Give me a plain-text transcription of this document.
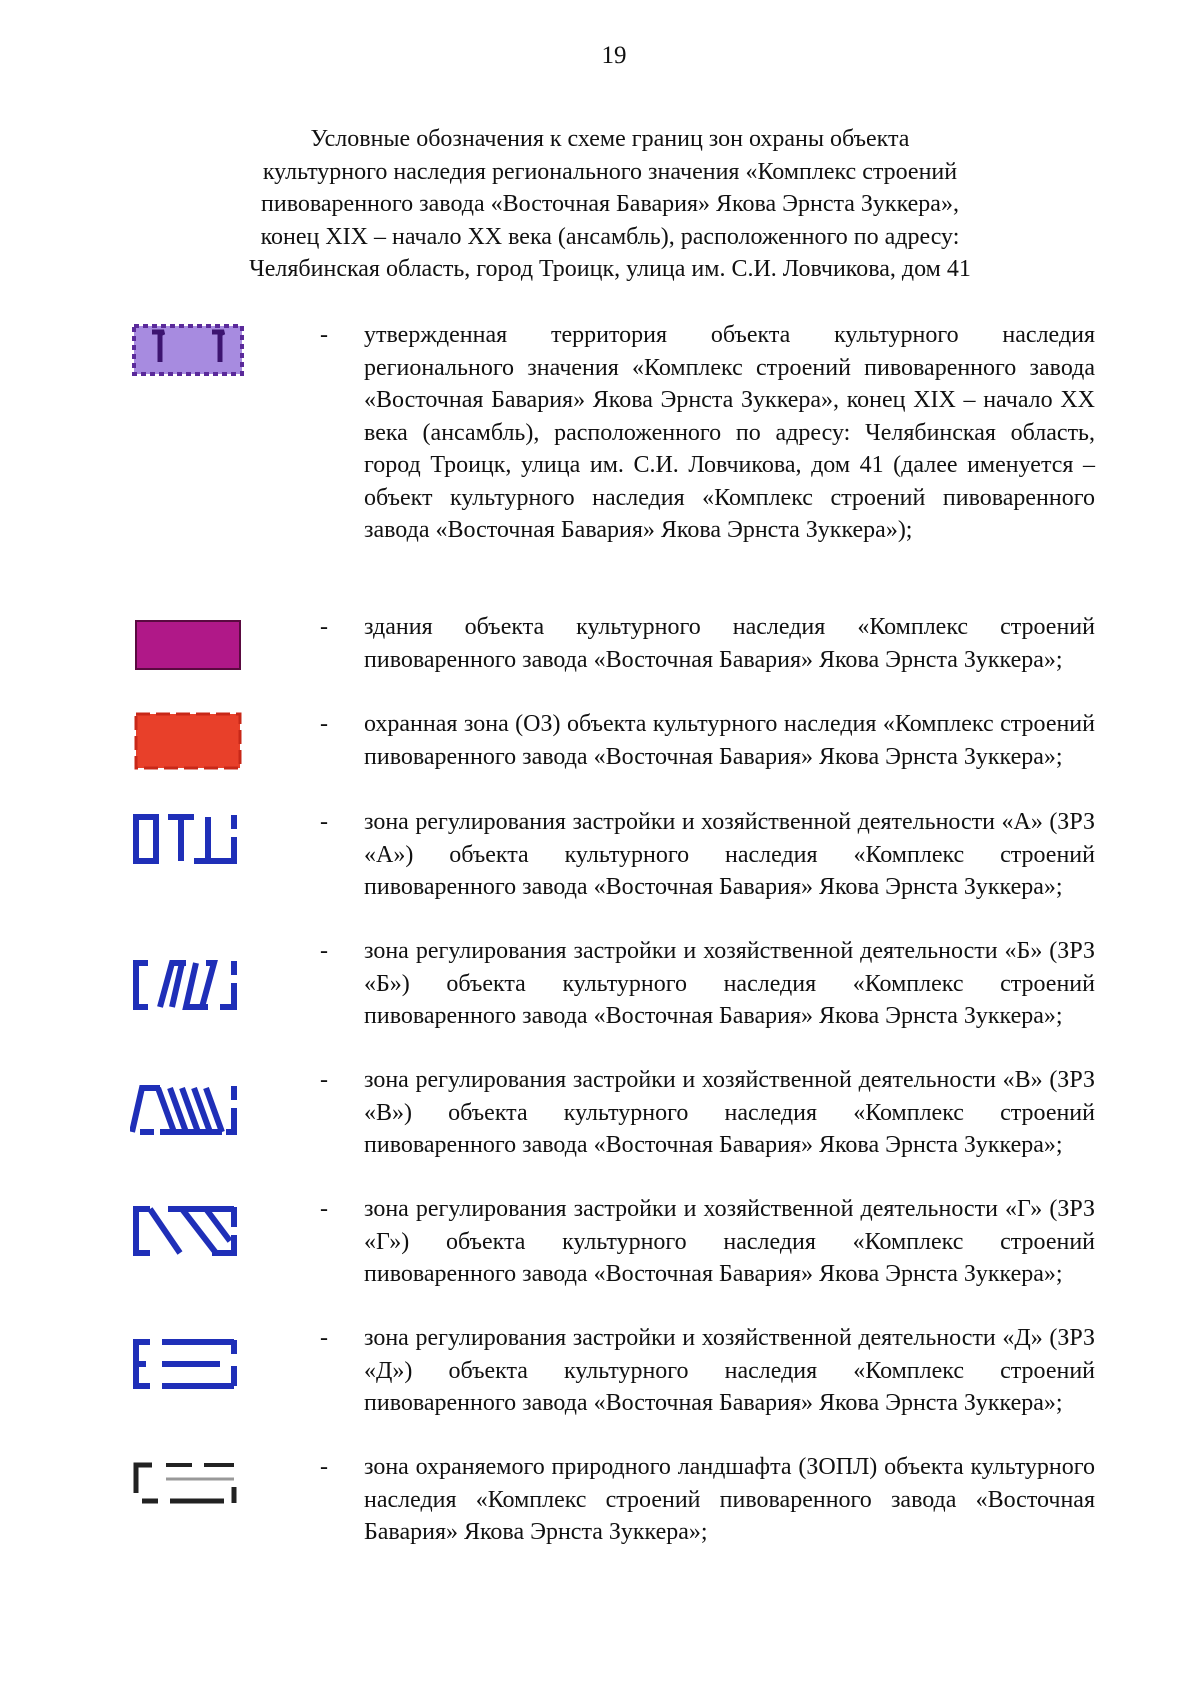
19
Условные обозначения к схеме границ зон охраны объекта
культурного наследия регионального значения «Комплекс строений
пивоваренного завода «Восточная Бавария» Якова Эрнста Зуккера»,
конец XIX – начало XX века (ансамбль), расположенного по адресу:
Челябинская область, город Троицк, улица им. С.И. Ловчикова, дом 41
- утвержденная территория объекта культурного наследия регионального значения «Комплекс строений пивоваренного завода «Восточная Бавария» Якова Эрнста Зуккера», конец XIX – начало XX века (ансамбль), расположенного по адресу: Челябинская область, город Троицк, улица им. С.И. Ловчикова, дом 41 (далее именуется – объект культурного наследия «Комплекс строений пивоваренного завода «Восточная Бавария» Якова Эрнста Зуккера»);
- здания объекта культурного наследия «Комплекс строений пивоваренного завода «Восточная Бавария» Якова Эрнста Зуккера»;
- охранная зона (ОЗ) объекта культурного наследия «Комплекс строений пивоваренного завода «Восточная Бавария» Якова Эрнста Зуккера»;
- зона регулирования застройки и хозяйственной деятельности «А» (ЗРЗ «А») объекта культурного наследия «Комплекс строений пивоваренного завода «Восточная Бавария» Якова Эрнста Зуккера»;
- зона регулирования застройки и хозяйственной деятельности «Б» (ЗРЗ «Б») объекта культурного наследия «Комплекс строений пивоваренного завода «Восточная Бавария» Якова Эрнста Зуккера»;
- зона регулирования застройки и хозяйственной деятельности «В» (ЗРЗ «В») объекта культурного наследия «Комплекс строений пивоваренного завода «Восточная Бавария» Якова Эрнста Зуккера»;
- зона регулирования застройки и хозяйственной деятельности «Г» (ЗРЗ «Г») объекта культурного наследия «Комплекс строений пивоваренного завода «Восточная Бавария» Якова Эрнста Зуккера»;
- зона регулирования застройки и хозяйственной деятельности «Д» (ЗРЗ «Д») объекта культурного наследия «Комплекс строений пивоваренного завода «Восточная Бавария» Якова Эрнста Зуккера»;
- зона охраняемого природного ландшафта (ЗОПЛ) объекта культурного наследия «Комплекс строений пивоваренного завода «Восточная Бавария» Якова Эрнста Зуккера»;
